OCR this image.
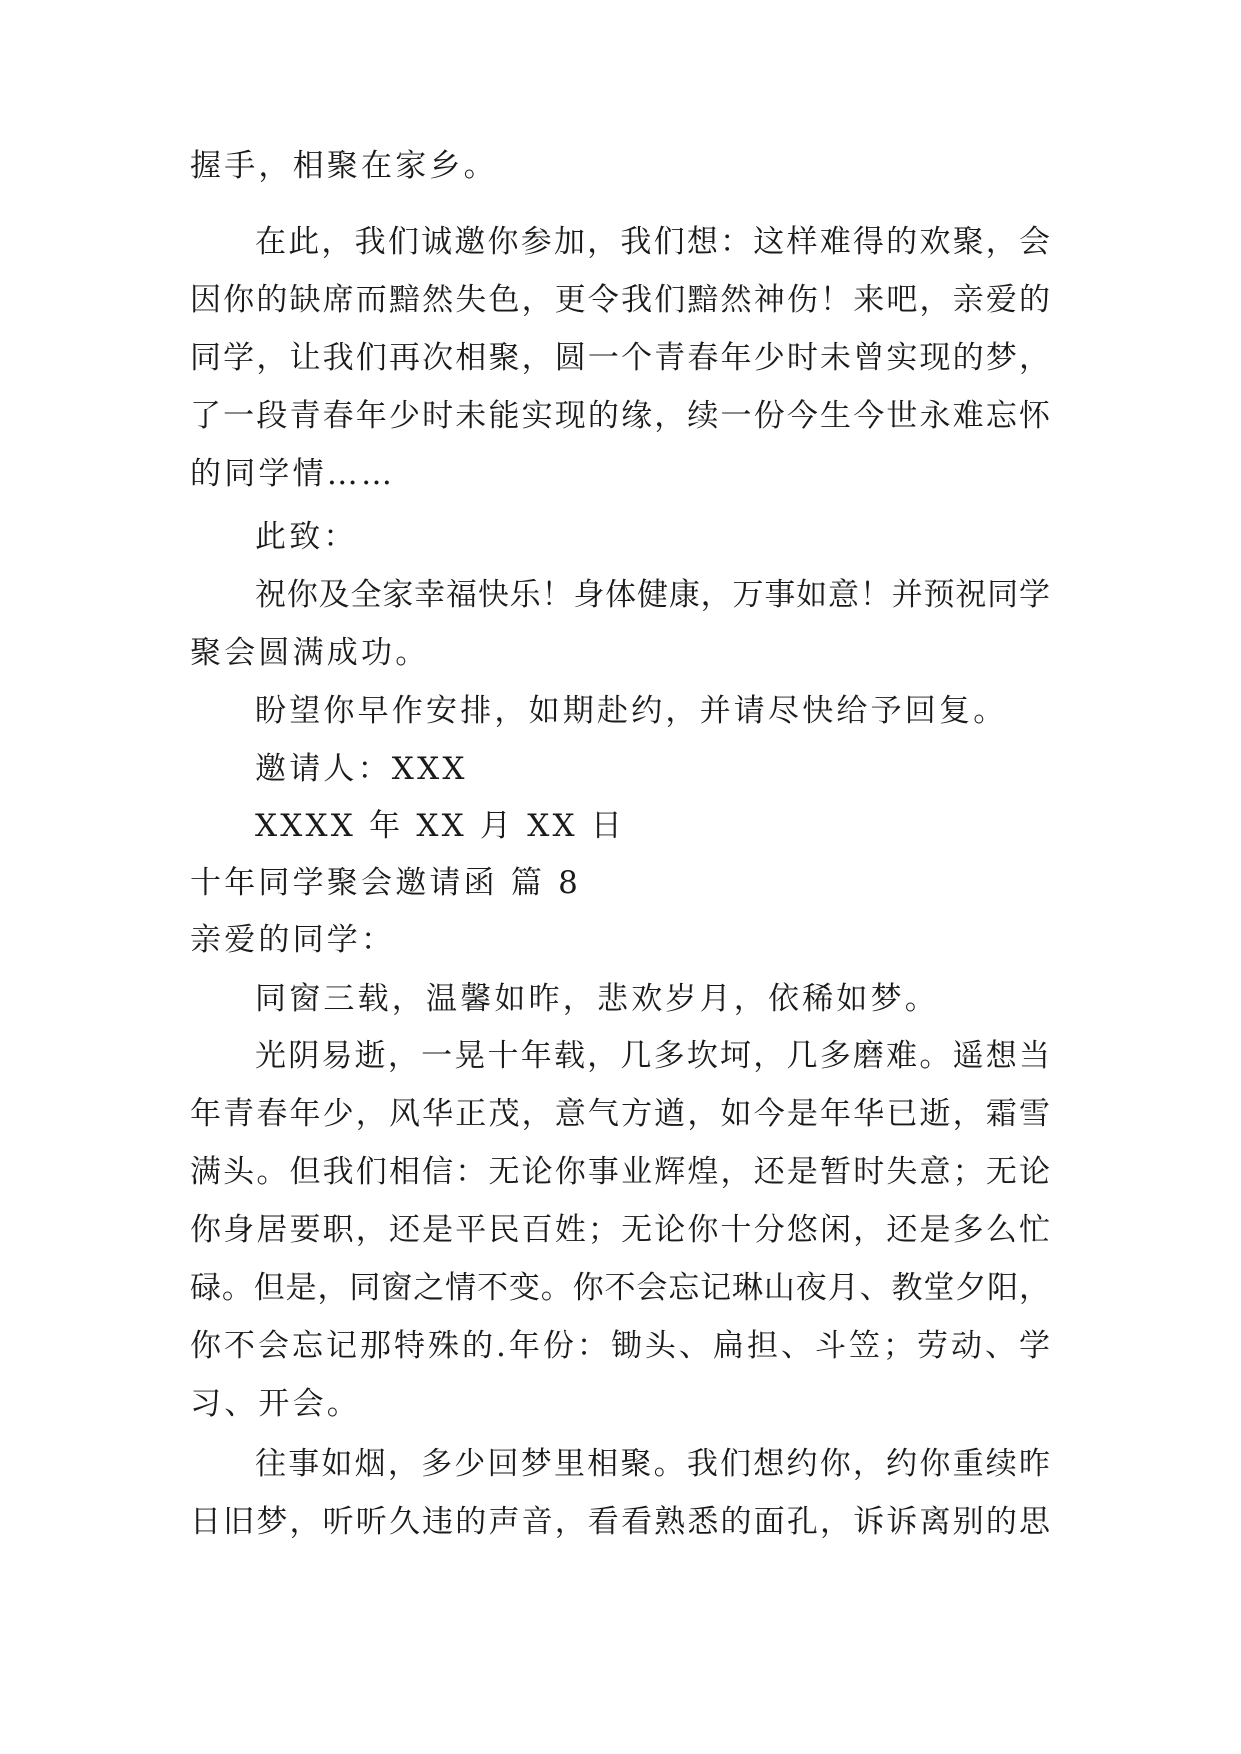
握手，相聚在家乡。
在此，我们诚邀你参加，我们想：这样难得的欢聚，会
因你的缺席而黯然失色，更令我们黯然神伤！来吧，亲爱的
同学，让我们再次相聚，圆一个青春年少时未曾实现的梦，
了一段青春年少时未能实现的缘，续一份今生今世永难忘怀
的同学情……
此致：
祝你及全家幸福快乐！身体健康，万事如意！并预祝同学
聚会圆满成功。
盼望你早作安排，如期赴约，并请尽快给予回复。
邀请人：XXX
XXXX 年 XX 月 XX 日
十年同学聚会邀请函 篇 8
亲爱的同学：
同窗三载，温馨如昨，悲欢岁月，依稀如梦。
光阴易逝，一晃十年载，几多坎坷，几多磨难。遥想当
年青春年少，风华正茂，意气方遒，如今是年华已逝，霜雪
满头。但我们相信：无论你事业辉煌，还是暂时失意；无论
你身居要职，还是平民百姓；无论你十分悠闲，还是多么忙
碌。但是，同窗之情不变。你不会忘记琳山夜月、教堂夕阳，
你不会忘记那特殊的.年份：锄头、扁担、斗笠；劳动、学
习、开会。
往事如烟，多少回梦里相聚。我们想约你，约你重续昨
日旧梦，听听久违的声音，看看熟悉的面孔，诉诉离别的思
